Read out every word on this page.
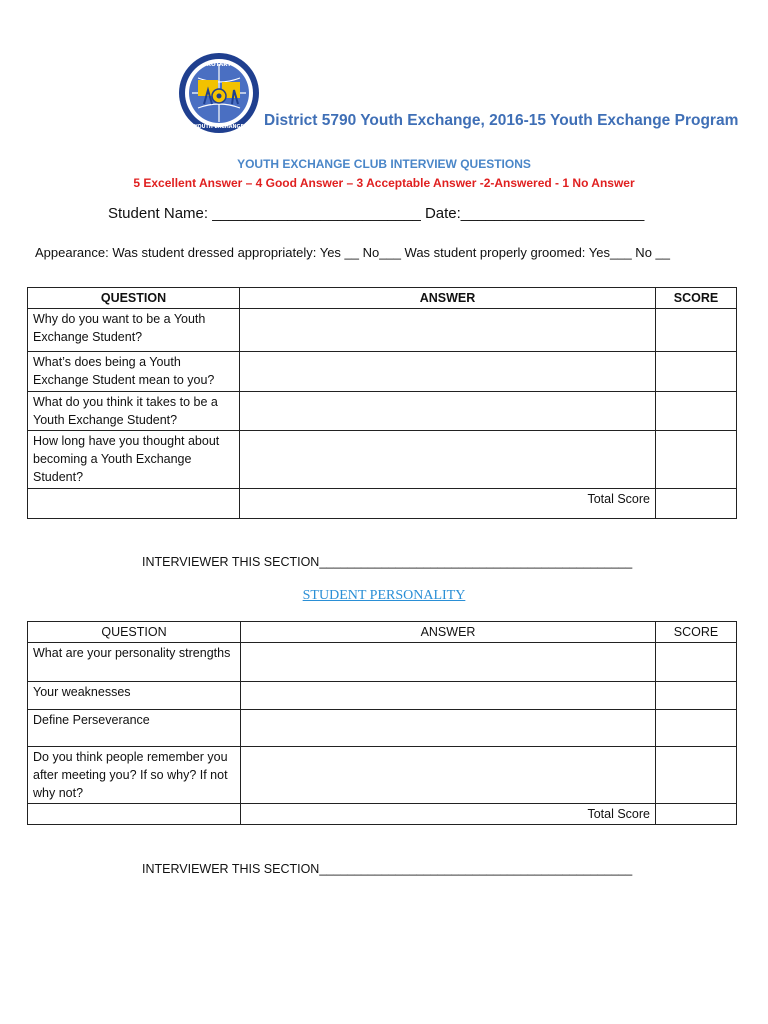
ROTARY
YOUTH EXCHANGE District 5790 Youth Exchange, 2016-15 Youth Exchange Program
YOUTH EXCHANGE CLUB INTERVIEW QUESTIONS
5 Excellent Answer – 4 Good Answer – 3 Acceptable Answer -2-Answered - 1 No Answer
Student Name: _________________________ Date:______________________
Appearance: Was student dressed appropriately: Yes __ No___ Was student properly groomed: Yes___ No __
QUESTION	ANSWER	SCORE
Why do you want to be a Youth Exchange Student?		
What’s does being a Youth Exchange Student mean to you?		
What do you think it takes to be a Youth Exchange Student?		
How long have you thought about becoming a Youth Exchange Student?		
	Total Score	
INTERVIEWER THIS SECTION_____________________________________________
STUDENT PERSONALITY
QUESTION	ANSWER	SCORE
What are your personality strengths		
Your weaknesses		
Define Perseverance		
Do you think people remember you after meeting you? If so why? If not why not?		
	Total Score	
INTERVIEWER THIS SECTION_____________________________________________
